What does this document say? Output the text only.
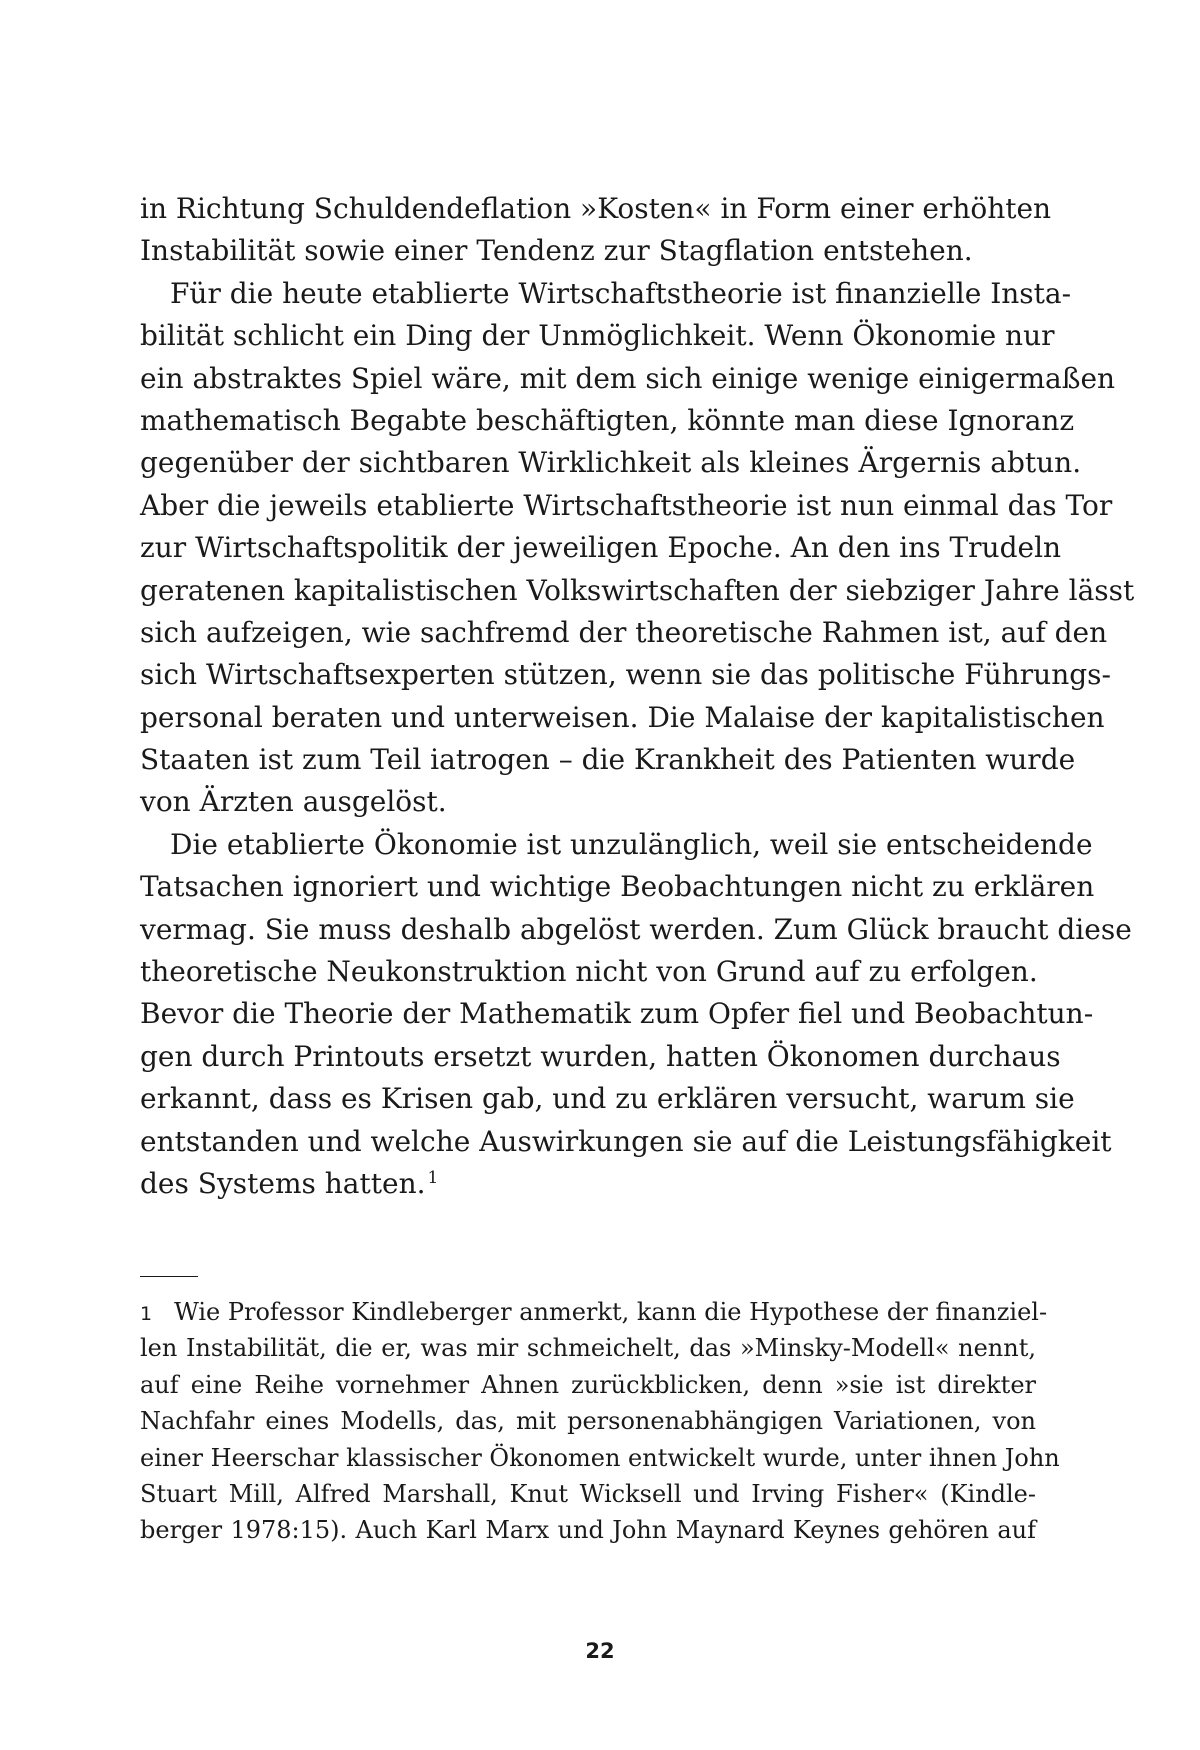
in Richtung Schuldendeflation »Kosten« in Form einer erhöhten
Instabilität sowie einer Tendenz zur Stagflation entstehen.
Für die heute etablierte Wirtschaftstheorie ist finanzielle Insta-
bilität schlicht ein Ding der Unmöglichkeit. Wenn Ökonomie nur
ein abstraktes Spiel wäre, mit dem sich einige wenige einigermaßen
mathematisch Begabte beschäftigten, könnte man diese Ignoranz
gegenüber der sichtbaren Wirklichkeit als kleines Ärgernis abtun.
Aber die jeweils etablierte Wirtschaftstheorie ist nun einmal das Tor
zur Wirtschaftspolitik der jeweiligen Epoche. An den ins Trudeln
geratenen kapitalistischen Volkswirtschaften der siebziger Jahre lässt
sich aufzeigen, wie sachfremd der theoretische Rahmen ist, auf den
sich Wirtschaftsexperten stützen, wenn sie das politische Führungs-
personal beraten und unterweisen. Die Malaise der kapitalistischen
Staaten ist zum Teil iatrogen – die Krankheit des Patienten wurde
von Ärzten ausgelöst.
Die etablierte Ökonomie ist unzulänglich, weil sie entscheidende
Tatsachen ignoriert und wichtige Beobachtungen nicht zu erklären
vermag. Sie muss deshalb abgelöst werden. Zum Glück braucht diese
theoretische Neukonstruktion nicht von Grund auf zu erfolgen.
Bevor die Theorie der Mathematik zum Opfer fiel und Beobachtun-
gen durch Printouts ersetzt wurden, hatten Ökonomen durchaus
erkannt, dass es Krisen gab, und zu erklären versucht, warum sie
entstanden und welche Auswirkungen sie auf die Leistungsfähigkeit
des Systems hatten. $^1$
1 Wie Professor Kindleberger anmerkt, kann die Hypothese der finanziel-
len Instabilität, die er, was mir schmeichelt, das »Minsky-Modell« nennt,
auf eine Reihe vornehmer Ahnen zurückblicken, denn »sie ist direkter
Nachfahr eines Modells, das, mit personenabhängigen Variationen, von
einer Heerschar klassischer Ökonomen entwickelt wurde, unter ihnen John
Stuart Mill, Alfred Marshall, Knut Wicksell und Irving Fisher« (Kindle-
berger 1978:15). Auch Karl Marx und John Maynard Keynes gehören auf
22
